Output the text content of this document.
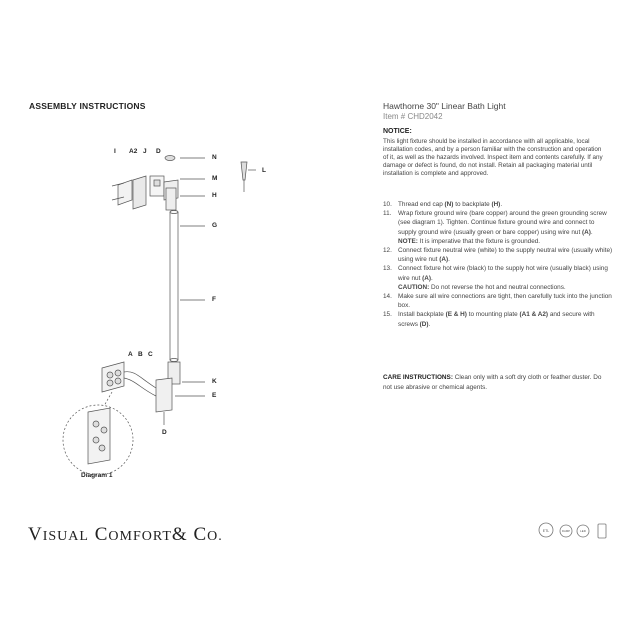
ASSEMBLY INSTRUCTIONS	Hawthorne 30" Linear Bath Light
Item # CHD2042
NOTICE:
This light fixture should be installed in accordance with all applicable, local installation codes, and by a person familiar with the construction and operation of it, as well as the hazards involved. Inspect item and contents carefully. If any damage or defect is found, do not install. Retain all packaging material until installation is complete and approved.
10. Thread end cap (N) to backplate (H).
11. Wrap fixture ground wire (bare copper) around the green grounding screw (see diagram 1). Tighten. Continue fixture ground wire and connect to supply ground wire (usually green or bare copper) using wire nut (A).
NOTE: It is imperative that the fixture is grounded.
12. Connect fixture neutral wire (white) to the supply neutral wire (usually white) using wire nut (A).
13. Connect fixture hot wire (black) to the supply hot wire (usually black) using wire nut (A).
CAUTION: Do not reverse the hot and neutral connections.
14. Make sure all wire connections are tight, then carefully tuck into the junction box.
15. Install backplate (E & H) to mounting plate (A1 & A2) and secure with screws (D).
CARE INSTRUCTIONS: Clean only with a soft dry cloth or feather duster. Do not use abrasive or chemical agents.
I A2 J D
N
M
H
G
F
L
A B C
K
E
D
Diagram 1
VISUAL COMFORT& CO.	ETL	DAMP	LED
